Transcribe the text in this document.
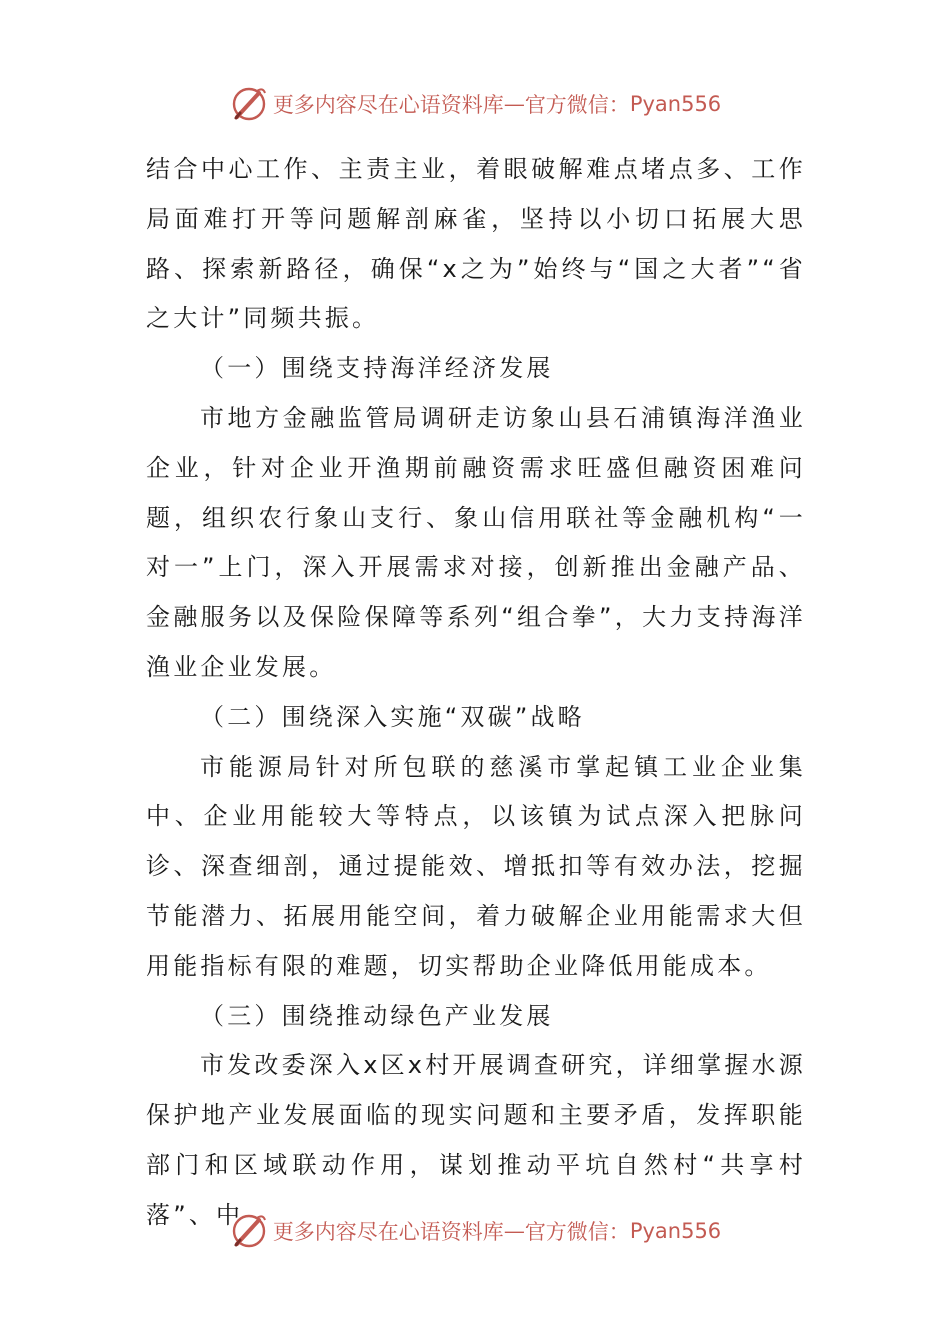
更多内容尽在心语资料库 — 官方微信： Pyan556

结合中心工作、主责主业，着眼破解难点堵点多、工作局面难打开等问题解剖麻雀，坚持以小切口拓展大思路、探索新路径，确保“x之为”始终与“国之大者”“省之大计”同频共振。

（一）围绕支持海洋经济发展

市地方金融监管局调研走访象山县石浦镇海洋渔业企业，针对企业开渔期前融资需求旺盛但融资困难问题，组织农行象山支行、象山信用联社等金融机构“一对一”上门，深入开展需求对接，创新推出金融产品、金融服务以及保险保障等系列“组合拳”，大力支持海洋渔业企业发展。

（二）围绕深入实施“双碳”战略

市能源局针对所包联的慈溪市掌起镇工业企业集中、企业用能较大等特点，以该镇为试点深入把脉问诊、深查细剖，通过提能效、增抵扣等有效办法，挖掘节能潜力、拓展用能空间，着力破解企业用能需求大但用能指标有限的难题，切实帮助企业降低用能成本。

（三）围绕推动绿色产业发展

市发改委深入x区x村开展调查研究，详细掌握水源保护地产业发展面临的现实问题和主要矛盾，发挥职能部门和区域联动作用，谋划推动平坑自然村“共享村落”、中

更多内容尽在心语资料库 — 官方微信： Pyan556
